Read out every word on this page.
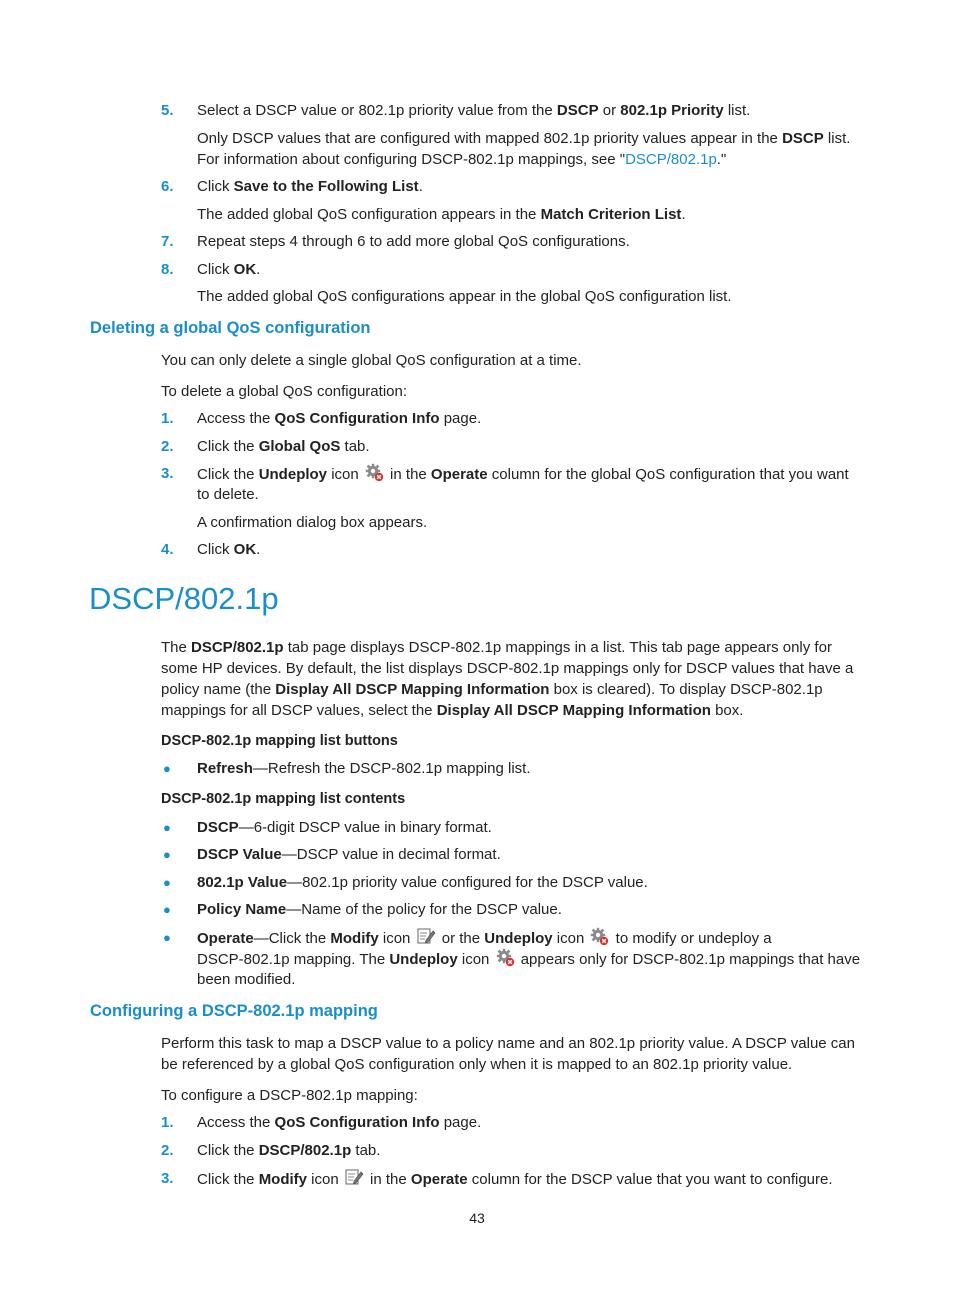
5.	Select a DSCP value or 802.1p priority value from the DSCP or 802.1p Priority list.
Only DSCP values that are configured with mapped 802.1p priority values appear in the DSCP list.
For information about configuring DSCP-802.1p mappings, see "DSCP/802.1p."
6.	Click Save to the Following List.
The added global QoS configuration appears in the Match Criterion List.
7.	Repeat steps 4 through 6 to add more global QoS configurations.
8.	Click OK.
The added global QoS configurations appear in the global QoS configuration list.
Deleting a global QoS configuration
You can only delete a single global QoS configuration at a time.
To delete a global QoS configuration:
1.	Access the QoS Configuration Info page.
2.	Click the Global QoS tab.
3.	Click the Undeploy icon  in the Operate column for the global QoS configuration that you want
to delete.
A confirmation dialog box appears.
4.	Click OK.
DSCP/802.1p
The DSCP/802.1p tab page displays DSCP-802.1p mappings in a list. This tab page appears only for
some HP devices. By default, the list displays DSCP-802.1p mappings only for DSCP values that have a
policy name (the Display All DSCP Mapping Information box is cleared). To display DSCP-802.1p
mappings for all DSCP values, select the Display All DSCP Mapping Information box.
DSCP-802.1p mapping list buttons
● Refresh—Refresh the DSCP-802.1p mapping list.
DSCP-802.1p mapping list contents
● DSCP—6-digit DSCP value in binary format.
● DSCP Value—DSCP value in decimal format.
● 802.1p Value—802.1p priority value configured for the DSCP value.
● Policy Name—Name of the policy for the DSCP value.
● Operate—Click the Modify icon  or the Undeploy icon  to modify or undeploy a
DSCP-802.1p mapping. The Undeploy icon  appears only for DSCP-802.1p mappings that have
been modified.
Configuring a DSCP-802.1p mapping
Perform this task to map a DSCP value to a policy name and an 802.1p priority value. A DSCP value can
be referenced by a global QoS configuration only when it is mapped to an 802.1p priority value.
To configure a DSCP-802.1p mapping:
1.	Access the QoS Configuration Info page.
2.	Click the DSCP/802.1p tab.
3.	Click the Modify icon  in the Operate column for the DSCP value that you want to configure.
43
